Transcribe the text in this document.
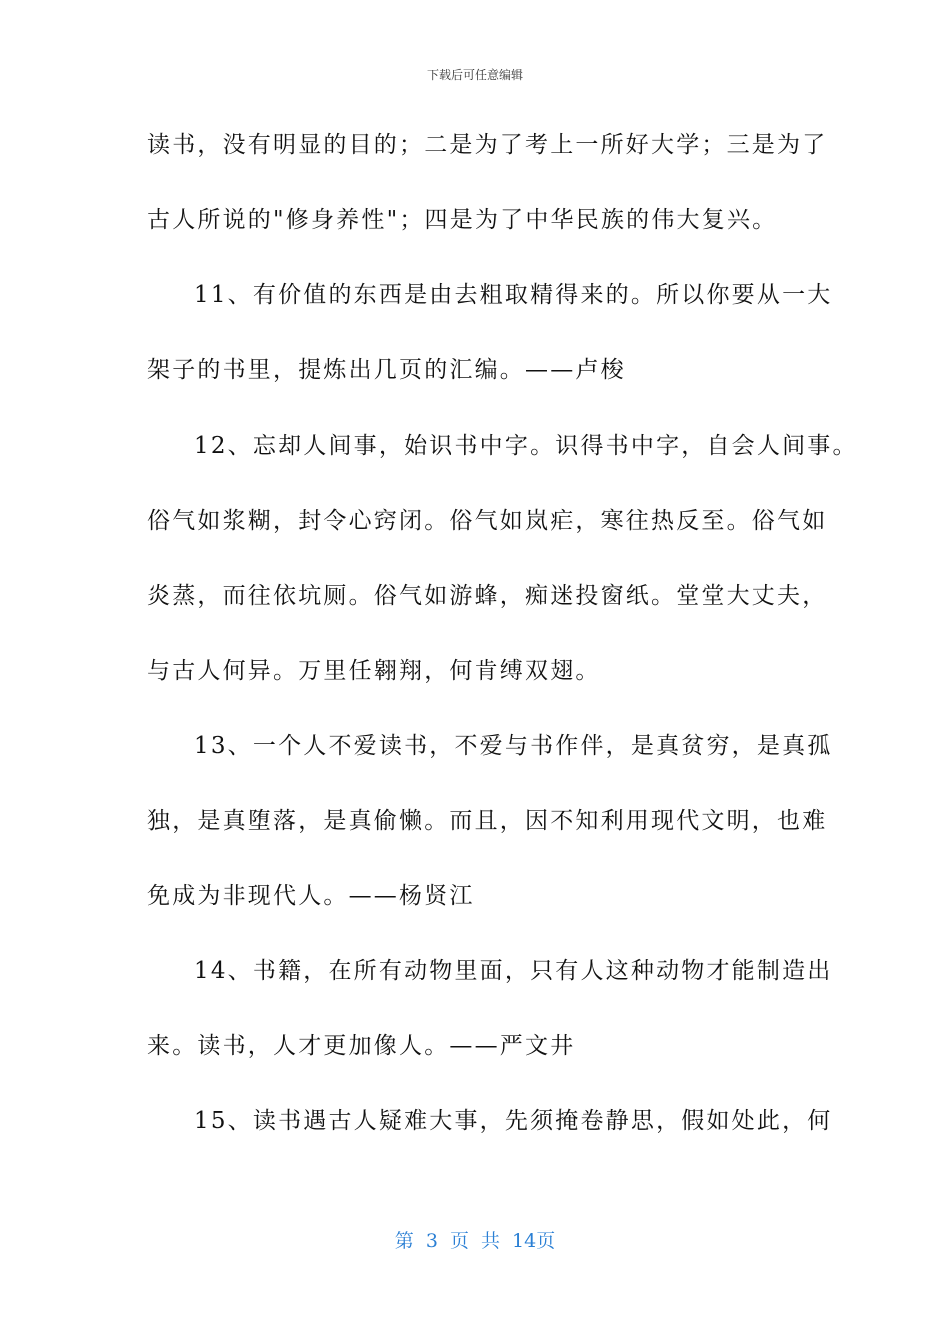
下载后可任意编辑
读书，没有明显的目的；二是为了考上一所好大学；三是为了
古人所说的"修身养性"；四是为了中华民族的伟大复兴。
11、有价值的东西是由去粗取精得来的。所以你要从一大
架子的书里，提炼出几页的汇编。——卢梭
12、忘却人间事，始识书中字。识得书中字，自会人间事。
俗气如浆糊，封令心窍闭。俗气如岚疟，寒往热反至。俗气如
炎蒸，而往依坑厕。俗气如游蜂，痴迷投窗纸。堂堂大丈夫，
与古人何异。万里任翱翔，何肯缚双翅。
13、一个人不爱读书，不爱与书作伴，是真贫穷，是真孤
独，是真堕落，是真偷懒。而且，因不知利用现代文明，也难
免成为非现代人。——杨贤江
14、书籍，在所有动物里面，只有人这种动物才能制造出
来。读书，人才更加像人。——严文井
15、读书遇古人疑难大事，先须掩卷静思，假如处此，何
第 3 页 共 14页
